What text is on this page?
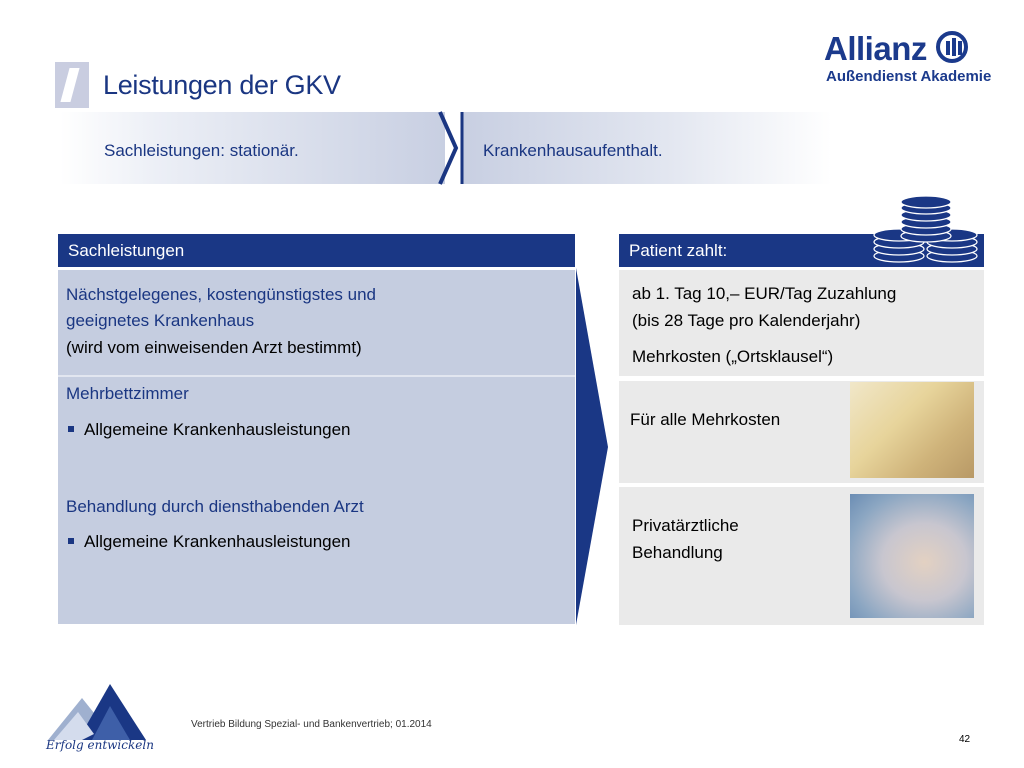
Leistungen der GKV
Allianz
Außendienst Akademie
Sachleistungen: stationär.	Krankenhausaufenthalt.
Sachleistungen
Nächstgelegenes, kostengünstigstes und
geeignetes Krankenhaus
(wird vom einweisenden Arzt bestimmt)
Mehrbettzimmer
Allgemeine Krankenhausleistungen
Behandlung durch diensthabenden Arzt
Allgemeine Krankenhausleistungen
Patient zahlt:
ab 1. Tag 10,– EUR/Tag Zuzahlung
(bis 28 Tage pro Kalenderjahr)
Mehrkosten („Ortsklausel“)
Für alle Mehrkosten
Privatärztliche
Behandlung
Erfolg entwickeln
Vertrieb Bildung Spezial- und Bankenvertrieb; 01.2014
42
